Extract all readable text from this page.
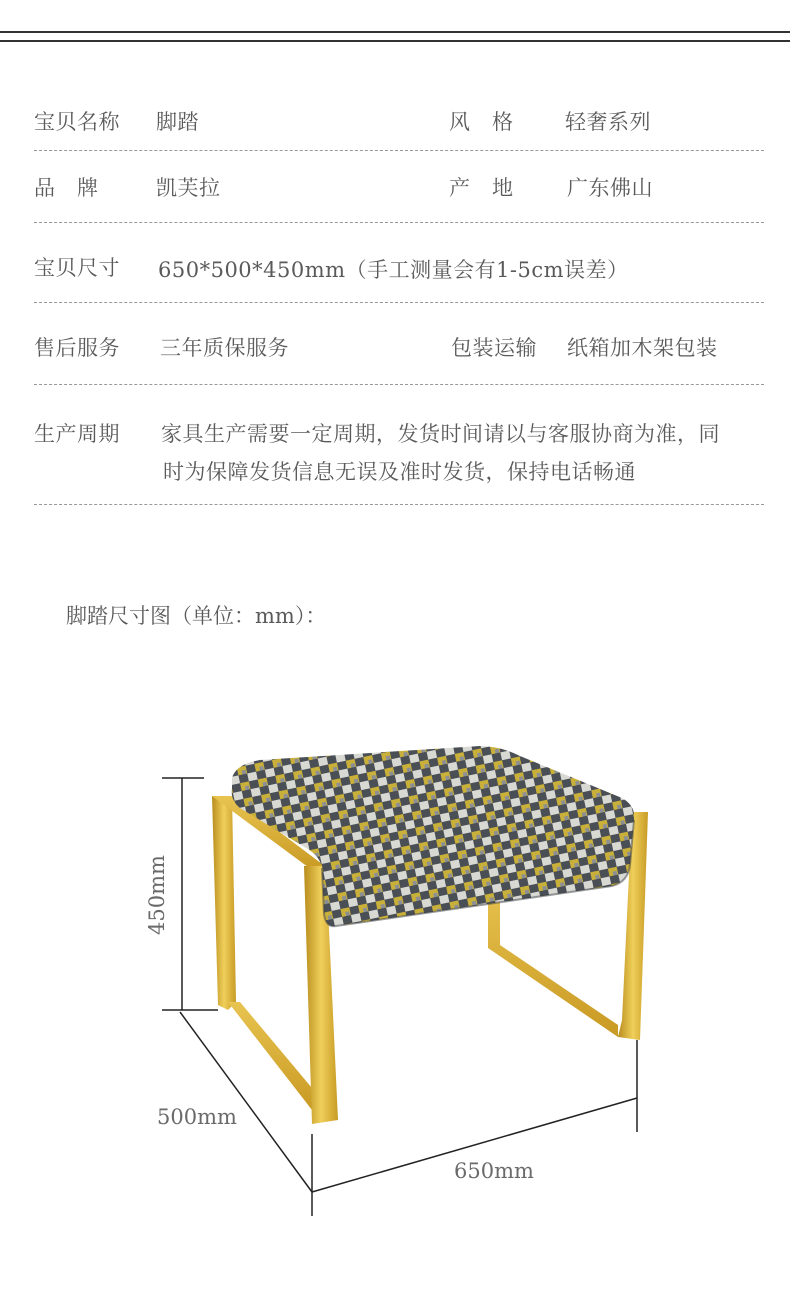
宝贝名称 脚踏	风　格 轻奢系列
品　牌	凯芙拉	产　地	广东佛山
宝贝尺寸 650*500*450mm（手工测量会有1-5cm误差）
售后服务 三年质保服务	包装运输 纸箱加木架包装
生产周期 家具生产需要一定周期，发货时间请以与客服协商为准，同
时为保障发货信息无误及准时发货，保持电话畅通
脚踏尺寸图（单位：mm）：
450mm
500mm
650mm
